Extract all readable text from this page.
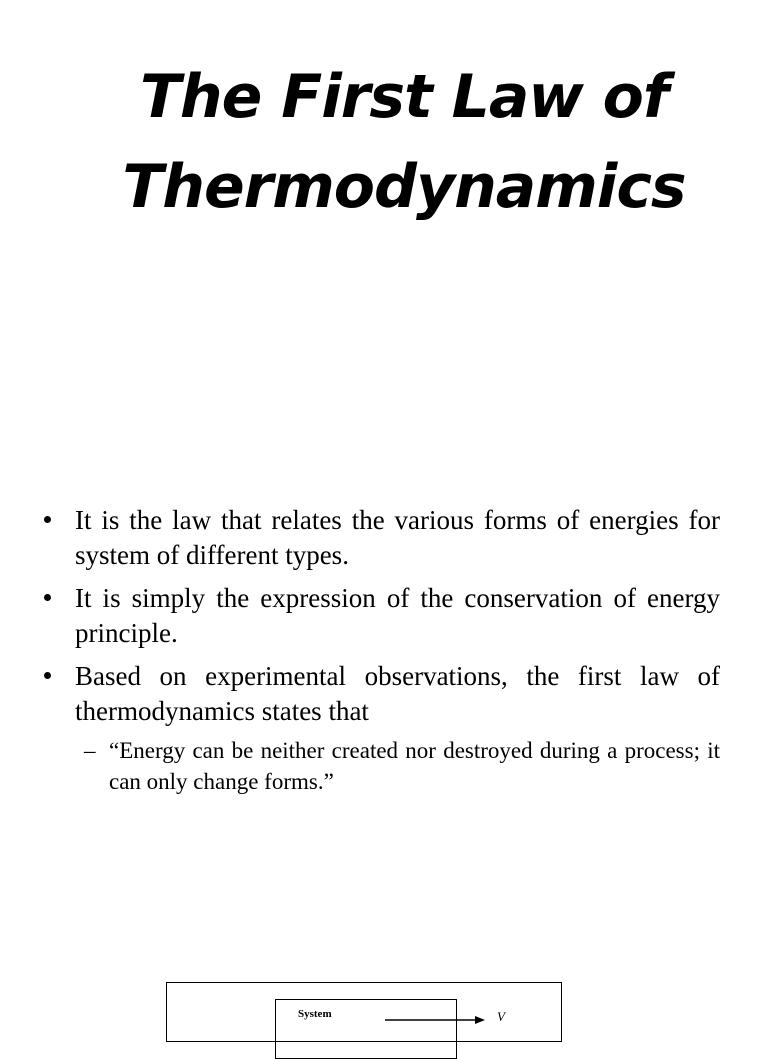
The First Law of
Thermodynamics
It is the law that relates the various forms of energies for system of different types.
It is simply the expression of the conservation of energy principle.
Based on experimental observations, the first law of thermodynamics states that
– “Energy can be neither created nor destroyed during a process; it can only change forms.”
System	V⃗
